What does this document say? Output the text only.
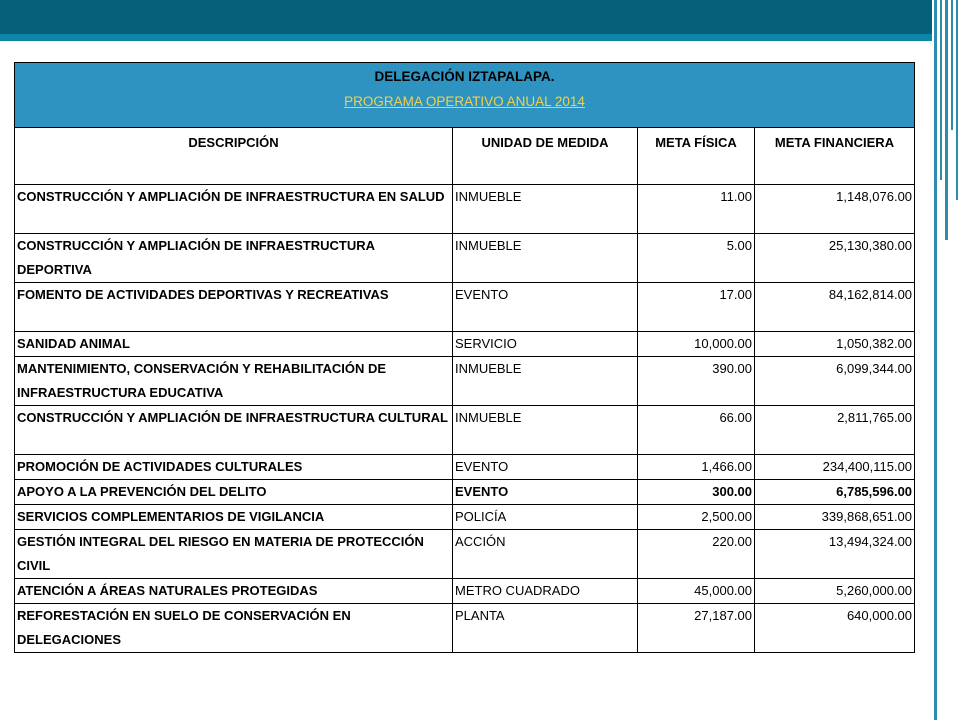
DELEGACIÓN IZTAPALAPA.
PROGRAMA OPERATIVO ANUAL 2014			

DESCRIPCIÓN	UNIDAD DE MEDIDA	META FÍSICA	META FINANCIERA
CONSTRUCCIÓN Y AMPLIACIÓN DE INFRAESTRUCTURA EN SALUD	INMUEBLE	11.00	1,148,076.00
CONSTRUCCIÓN Y AMPLIACIÓN DE INFRAESTRUCTURA DEPORTIVA	INMUEBLE	5.00	25,130,380.00
FOMENTO DE ACTIVIDADES DEPORTIVAS Y RECREATIVAS	EVENTO	17.00	84,162,814.00
SANIDAD ANIMAL	SERVICIO	10,000.00	1,050,382.00
MANTENIMIENTO, CONSERVACIÓN Y REHABILITACIÓN DE INFRAESTRUCTURA EDUCATIVA	INMUEBLE	390.00	6,099,344.00
CONSTRUCCIÓN Y AMPLIACIÓN DE INFRAESTRUCTURA CULTURAL	INMUEBLE	66.00	2,811,765.00
PROMOCIÓN DE ACTIVIDADES CULTURALES	EVENTO	1,466.00	234,400,115.00
APOYO A LA PREVENCIÓN DEL DELITO	EVENTO	300.00	6,785,596.00
SERVICIOS COMPLEMENTARIOS DE VIGILANCIA	POLICÍA	2,500.00	339,868,651.00
GESTIÓN INTEGRAL DEL RIESGO EN MATERIA DE PROTECCIÓN CIVIL	ACCIÓN	220.00	13,494,324.00
ATENCIÓN A ÁREAS NATURALES PROTEGIDAS	METRO CUADRADO	45,000.00	5,260,000.00
REFORESTACIÓN EN SUELO DE CONSERVACIÓN EN DELEGACIONES	PLANTA	27,187.00	640,000.00
